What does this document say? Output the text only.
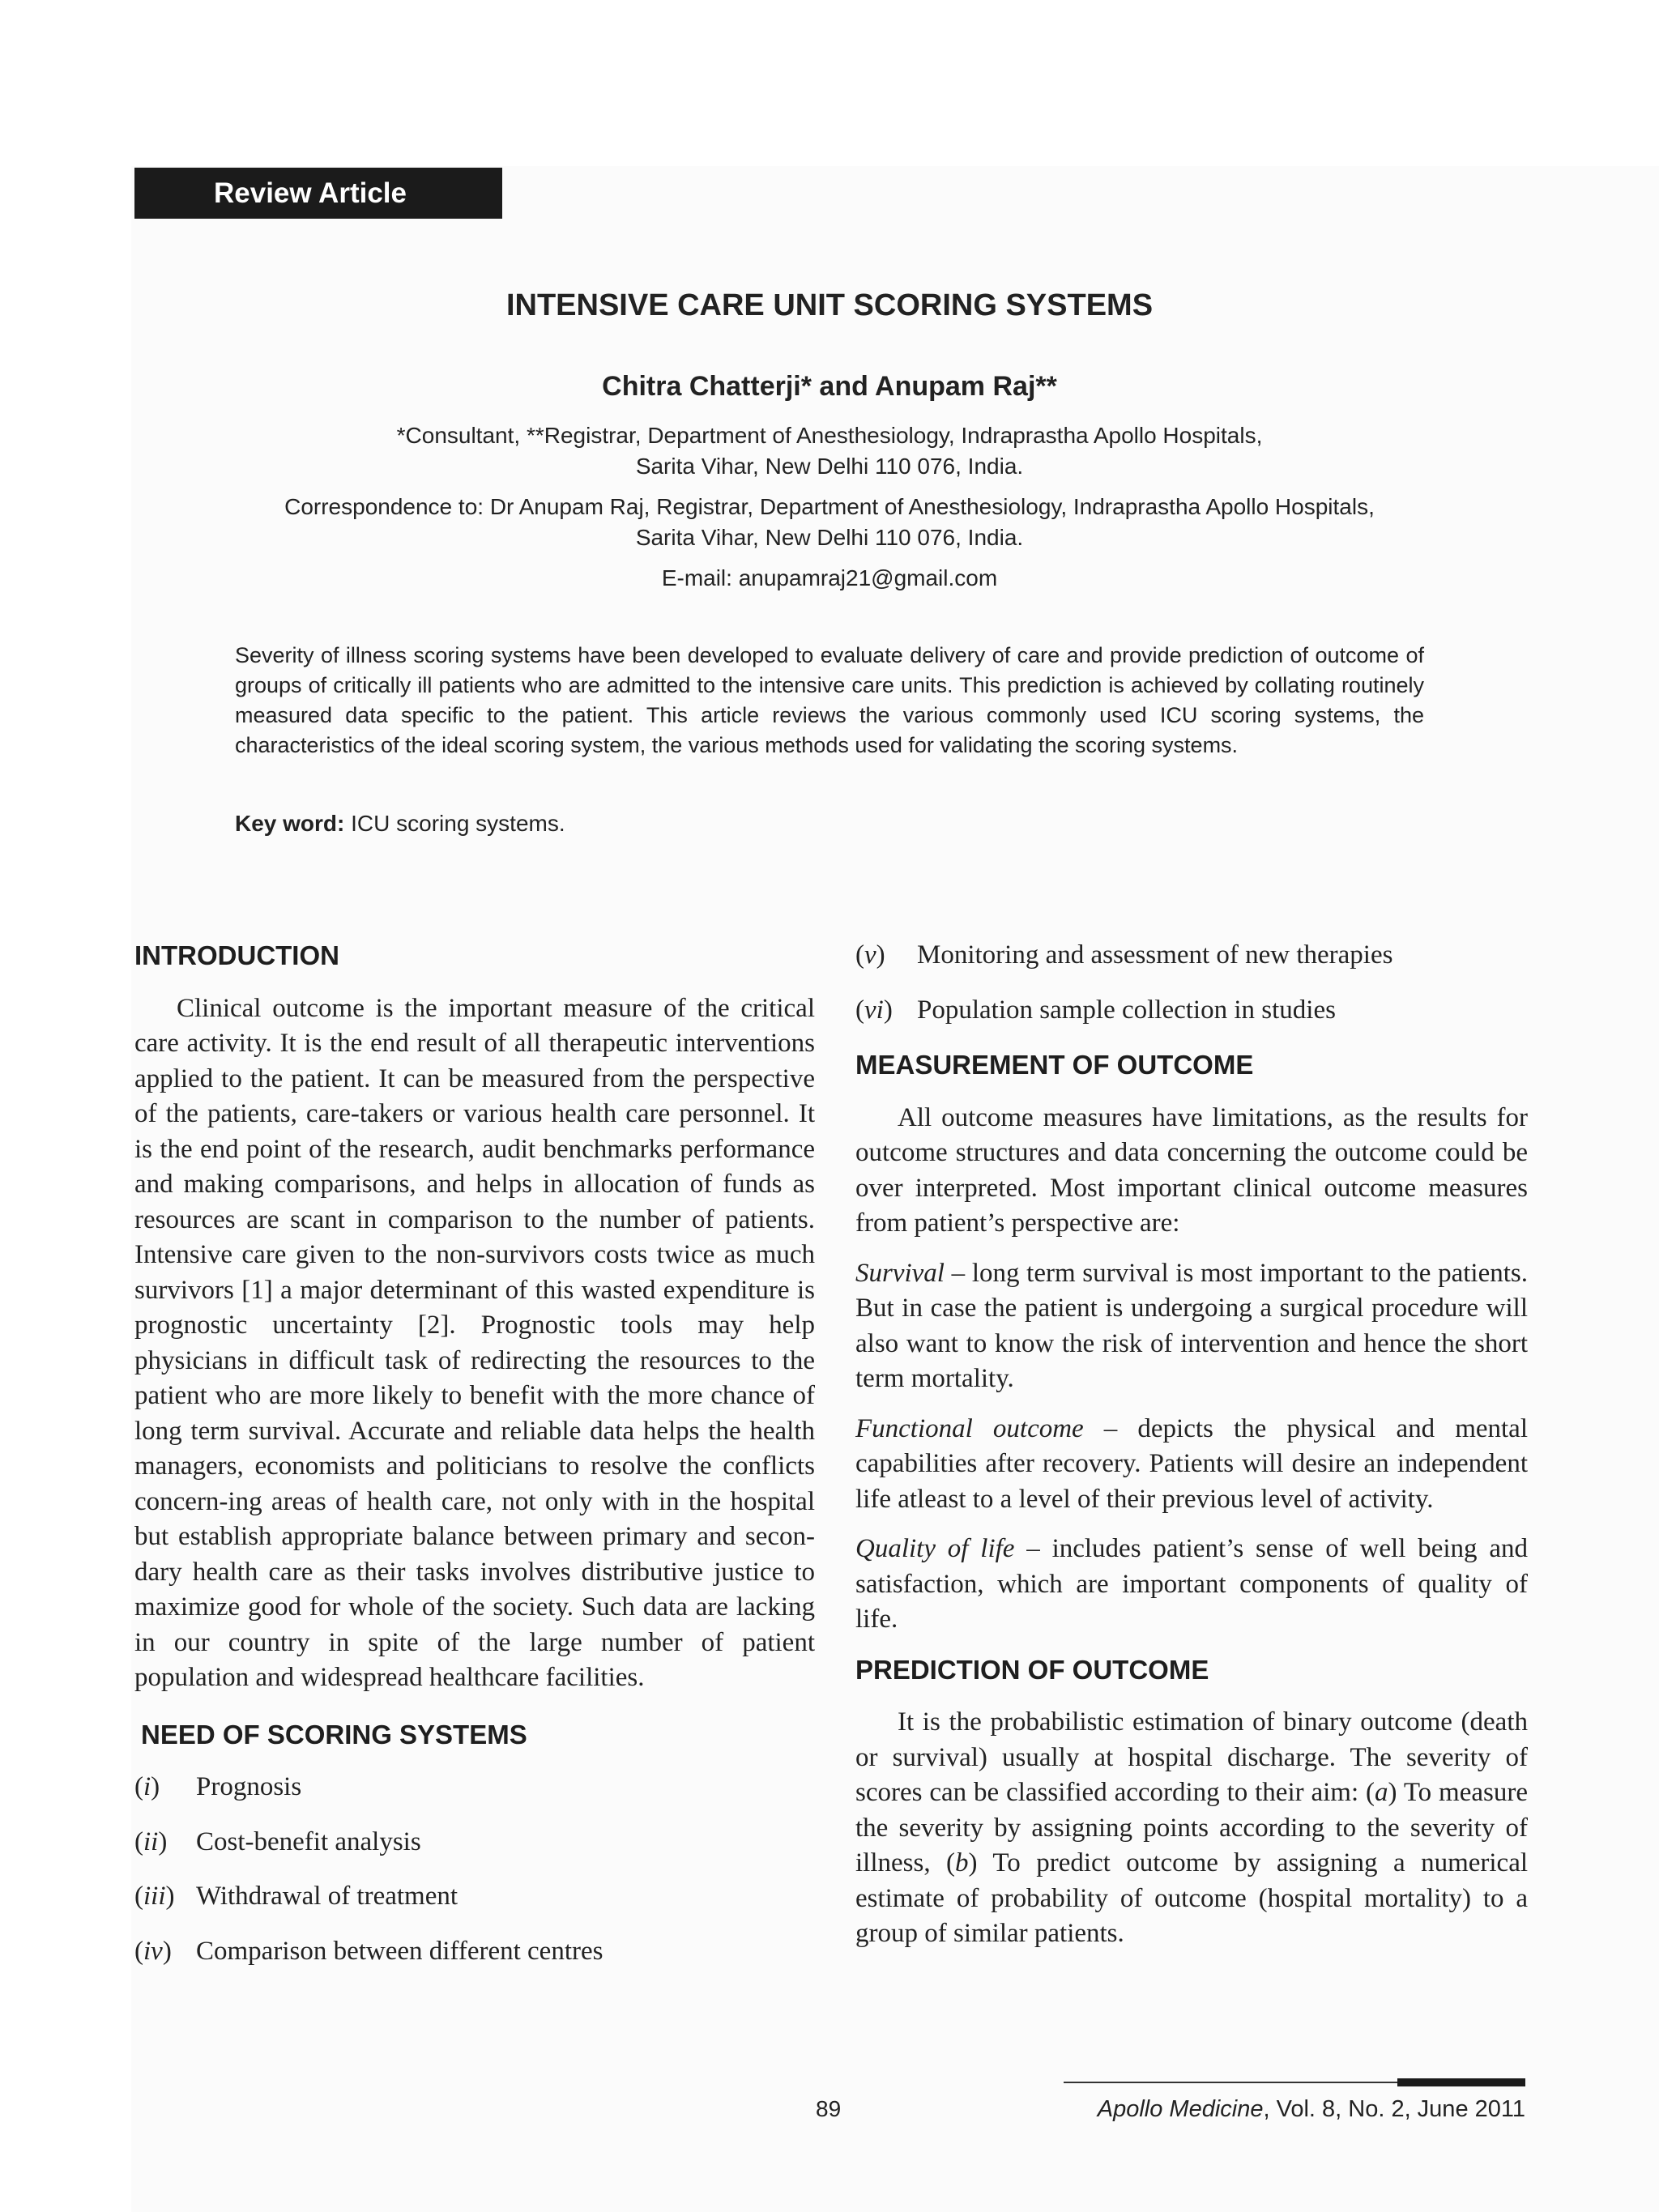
Review Article
INTENSIVE CARE UNIT SCORING SYSTEMS
Chitra Chatterji* and Anupam Raj**
*Consultant, **Registrar, Department of Anesthesiology, Indraprastha Apollo Hospitals,
Sarita Vihar, New Delhi 110 076, India.
Correspondence to: Dr Anupam Raj, Registrar, Department of Anesthesiology, Indraprastha Apollo Hospitals,
Sarita Vihar, New Delhi 110 076, India.
E-mail: anupamraj21@gmail.com

Severity of illness scoring systems have been developed to evaluate delivery of care and provide prediction of outcome of groups of critically ill patients who are admitted to the intensive care units. This prediction is achieved by collating routinely measured data specific to the patient. This article reviews the various commonly used ICU scoring systems, the characteristics of the ideal scoring system, the various methods used for validating the scoring systems.

Key word: ICU scoring systems.
INTRODUCTION

Clinical outcome is the important measure of the critical care activity. It is the end result of all therapeutic interventions applied to the patient. It can be measured from the perspective of the patients, care-takers or various health care personnel. It is the end point of the research, audit benchmarks performance and making comparisons, and helps in allocation of funds as resources are scant in comparison to the number of patients. Intensive care given to the non-survivors costs twice as much survivors [1] a major determinant of this wasted expenditure is prognostic uncertainty [2]. Prognostic tools may help physicians in difficult task of redirecting the resources to the patient who are more likely to benefit with the more chance of long term survival. Accurate and reliable data helps the health managers, economists and politicians to resolve the conflicts concern-ing areas of health care, not only with in the hospital but establish appropriate balance between primary and secon-dary health care as their tasks involves distributive justice to maximize good for whole of the society. Such data are lacking in our country in spite of the large number of patient population and widespread healthcare facilities.

NEED OF SCORING SYSTEMS
(i) Prognosis
(ii) Cost-benefit analysis
(iii) Withdrawal of treatment
(iv) Comparison between different centres
(v) Monitoring and assessment of new therapies
(vi) Population sample collection in studies
MEASUREMENT OF OUTCOME

All outcome measures have limitations, as the results for outcome structures and data concerning the outcome could be over interpreted. Most important clinical outcome measures from patient’s perspective are:

Survival – long term survival is most important to the patients. But in case the patient is undergoing a surgical procedure will also want to know the risk of intervention and hence the short term mortality.

Functional outcome – depicts the physical and mental capabilities after recovery. Patients will desire an independent life atleast to a level of their previous level of activity.

Quality of life – includes patient’s sense of well being and satisfaction, which are important components of quality of life.

PREDICTION OF OUTCOME

It is the probabilistic estimation of binary outcome (death or survival) usually at hospital discharge. The severity of scores can be classified according to their aim: (a) To measure the severity by assigning points according to the severity of illness, (b) To predict outcome by assigning a numerical estimate of probability of outcome (hospital mortality) to a group of similar patients.

89	Apollo Medicine, Vol. 8, No. 2, June 2011
